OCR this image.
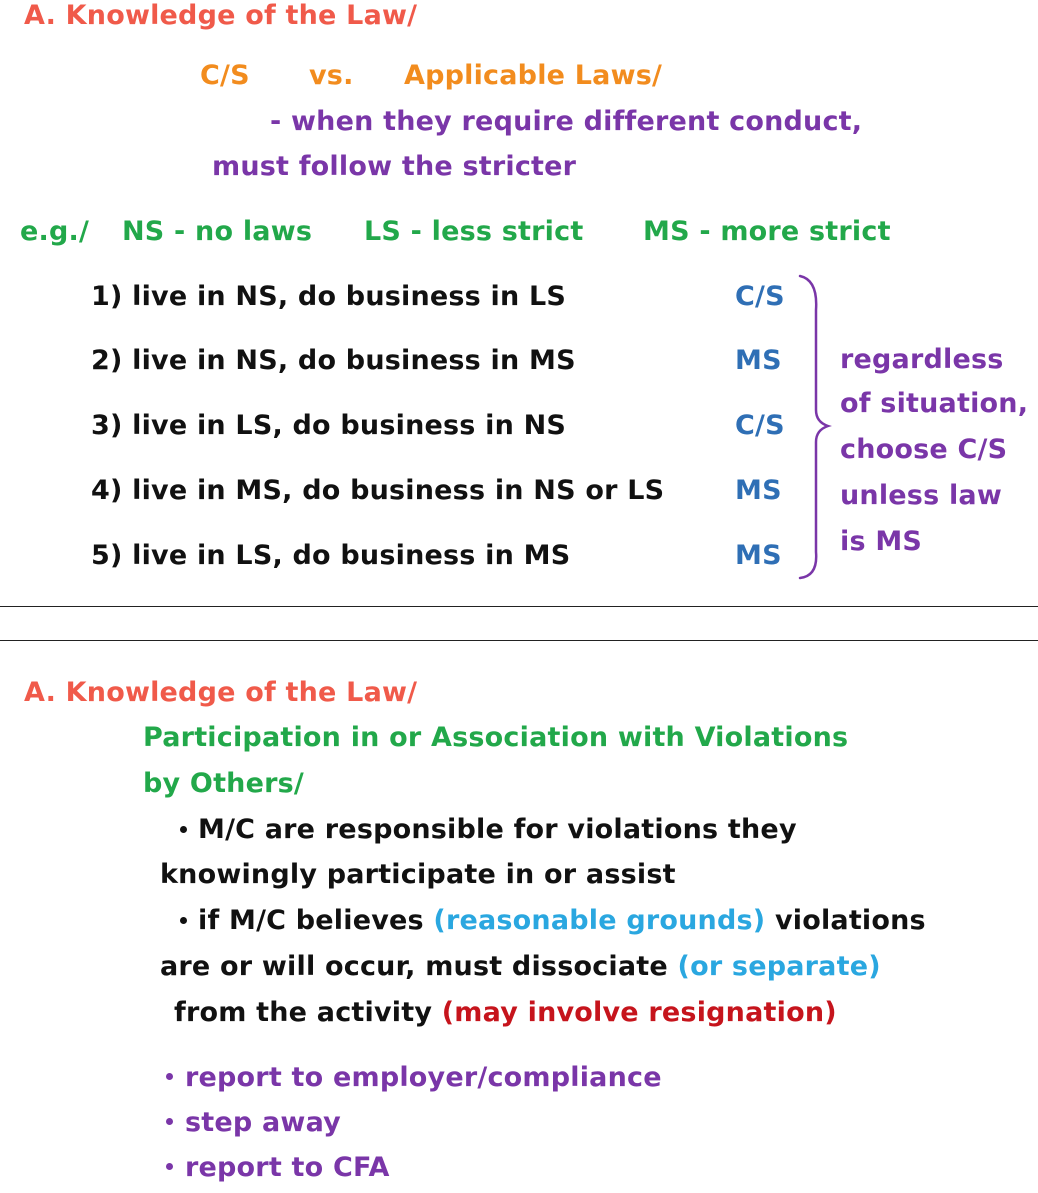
A. Knowledge of the Law/
C/S vs. Applicable Laws/
- when they require different conduct,
must follow the stricter
e.g./ NS - no laws LS - less strict MS - more strict
1) live in NS, do business in LS	C/S
2) live in NS, do business in MS	MS
3) live in LS, do business in NS	C/S
4) live in MS, do business in NS or LS	MS
5) live in LS, do business in MS	MS
regardless
of situation,
choose C/S
unless law
is MS
A. Knowledge of the Law/
Participation in or Association with Violations
by Others/
M/C are responsible for violations they
knowingly participate in or assist
if M/C believes (reasonable grounds) violations
are or will occur, must dissociate (or separate)
from the activity (may involve resignation)
report to employer/compliance
step away
report to CFA
